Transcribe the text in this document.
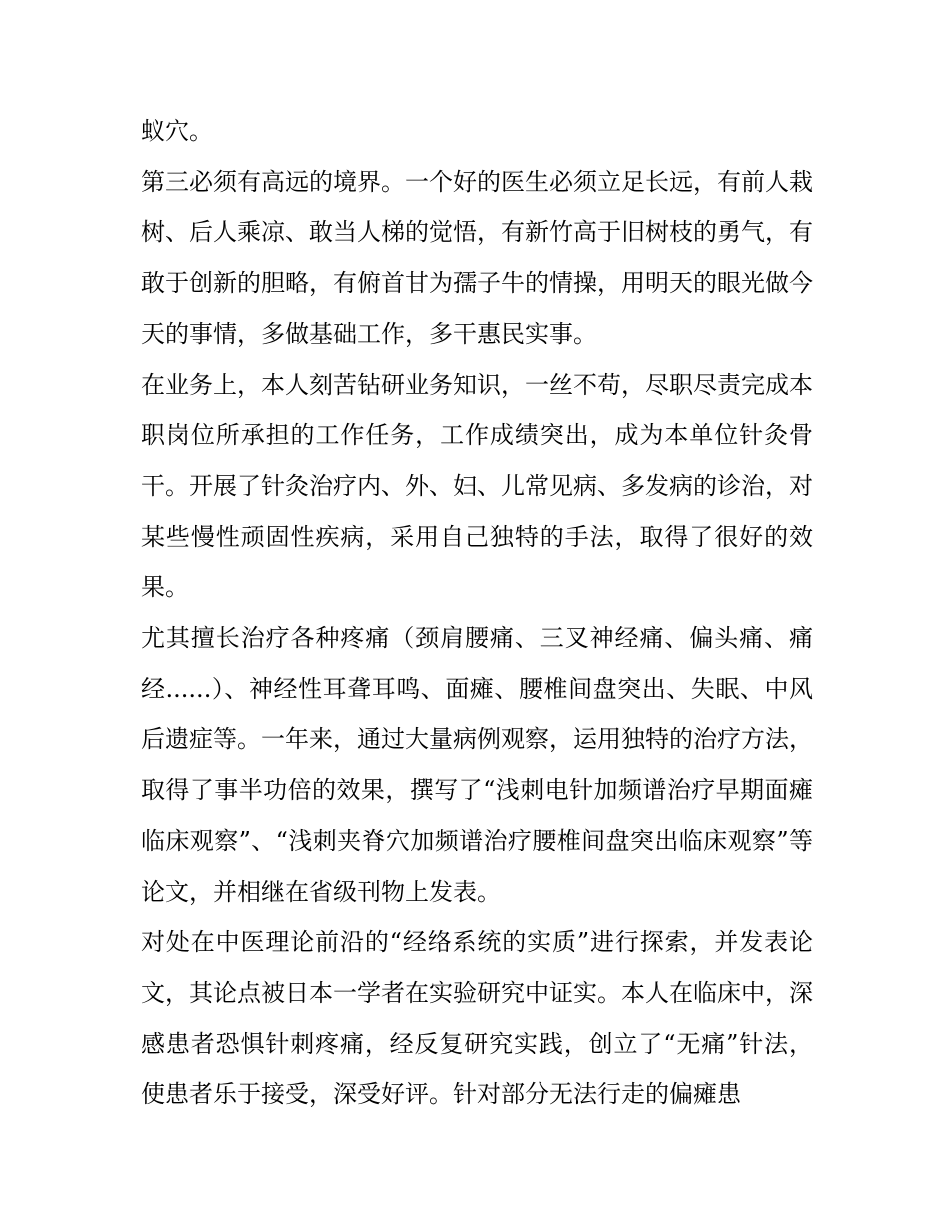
蚁穴。

第三必须有高远的境界。一个好的医生必须立足长远，有前人栽树、后人乘凉、敢当人梯的觉悟，有新竹高于旧树枝的勇气，有敢于创新的胆略，有俯首甘为孺子牛的情操，用明天的眼光做今天的事情，多做基础工作，多干惠民实事。

在业务上，本人刻苦钻研业务知识，一丝不苟，尽职尽责完成本职岗位所承担的工作任务，工作成绩突出，成为本单位针灸骨干。开展了针灸治疗内、外、妇、儿常见病、多发病的诊治，对某些慢性顽固性疾病，采用自己独特的手法，取得了很好的效果。

尤其擅长治疗各种疼痛（颈肩腰痛、三叉神经痛、偏头痛、痛经......）、神经性耳聋耳鸣、面瘫、腰椎间盘突出、失眠、中风后遗症等。一年来，通过大量病例观察，运用独特的治疗方法，取得了事半功倍的效果，撰写了“浅刺电针加频谱治疗早期面瘫临床观察”、“浅刺夹脊穴加频谱治疗腰椎间盘突出临床观察”等论文，并相继在省级刊物上发表。

对处在中医理论前沿的“经络系统的实质”进行探索，并发表论文，其论点被日本一学者在实验研究中证实。本人在临床中，深感患者恐惧针刺疼痛，经反复研究实践，创立了“无痛”针法，使患者乐于接受，深受好评。针对部分无法行走的偏瘫患
